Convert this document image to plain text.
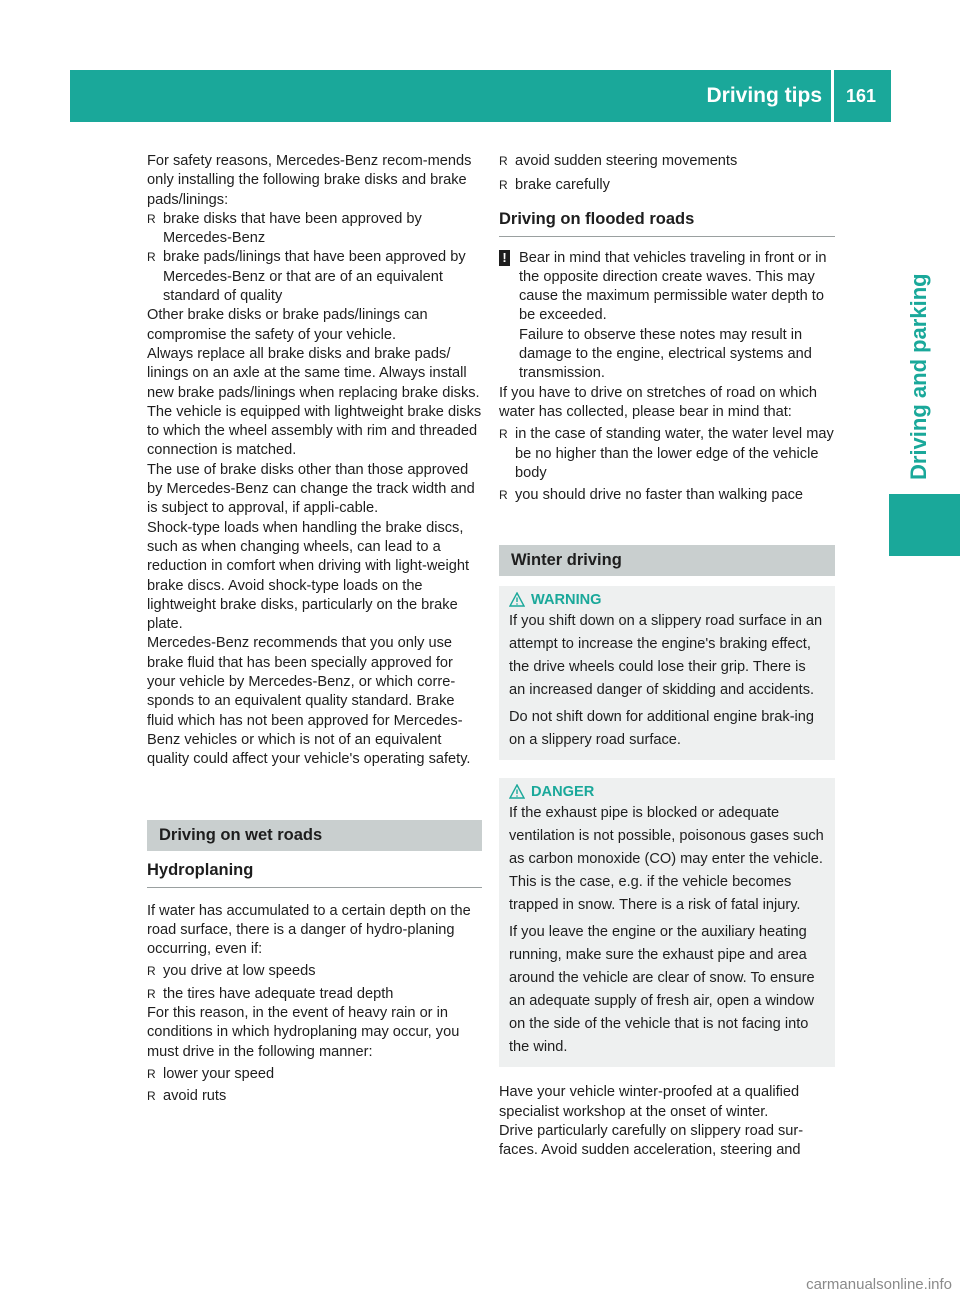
Driving tips 161
Driving and parking

For safety reasons, Mercedes-Benz recom-mends only installing the following brake disks and brake pads/linings:

R brake disks that have been approved by Mercedes-Benz
R brake pads/linings that have been approved by Mercedes-Benz or that are of an equivalent standard of quality

Other brake disks or brake pads/linings can compromise the safety of your vehicle.

Always replace all brake disks and brake pads/ linings on an axle at the same time. Always install new brake pads/linings when replacing brake disks.

The vehicle is equipped with lightweight brake disks to which the wheel assembly with rim and threaded connection is matched.

The use of brake disks other than those approved by Mercedes-Benz can change the track width and is subject to approval, if appli-cable.

Shock-type loads when handling the brake discs, such as when changing wheels, can lead to a reduction in comfort when driving with light-weight brake discs. Avoid shock-type loads on the lightweight brake disks, particularly on the brake plate.

Mercedes-Benz recommends that you only use brake fluid that has been specially approved for your vehicle by Mercedes-Benz, or which corre-sponds to an equivalent quality standard. Brake fluid which has not been approved for Mercedes-Benz vehicles or which is not of an equivalent quality could affect your vehicle's operating safety.

Driving on wet roads
Hydroplaning

If water has accumulated to a certain depth on the road surface, there is a danger of hydro-planing occurring, even if:

R you drive at low speeds
R the tires have adequate tread depth

For this reason, in the event of heavy rain or in conditions in which hydroplaning may occur, you must drive in the following manner:

R lower your speed
R avoid ruts
R avoid sudden steering movements
R brake carefully
Driving on flooded roads
! Bear in mind that vehicles traveling in front or in the opposite direction create waves. This may cause the maximum permissible water depth to be exceeded.

Failure to observe these notes may result in damage to the engine, electrical systems and transmission.

If you have to drive on stretches of road on which water has collected, please bear in mind that:

R in the case of standing water, the water level may be no higher than the lower edge of the vehicle body
R you should drive no faster than walking pace
Winter driving
WARNING

If you shift down on a slippery road surface in an attempt to increase the engine's braking effect, the drive wheels could lose their grip. There is an increased danger of skidding and accidents.

Do not shift down for additional engine brak-ing on a slippery road surface.

DANGER

If the exhaust pipe is blocked or adequate ventilation is not possible, poisonous gases such as carbon monoxide (CO) may enter the vehicle. This is the case, e.g. if the vehicle becomes trapped in snow. There is a risk of fatal injury.

If you leave the engine or the auxiliary heating running, make sure the exhaust pipe and area around the vehicle are clear of snow. To ensure an adequate supply of fresh air, open a window on the side of the vehicle that is not facing into the wind.

Have your vehicle winter-proofed at a qualified specialist workshop at the onset of winter.

Drive particularly carefully on slippery road sur-faces. Avoid sudden acceleration, steering and

carmanualsonline.info
